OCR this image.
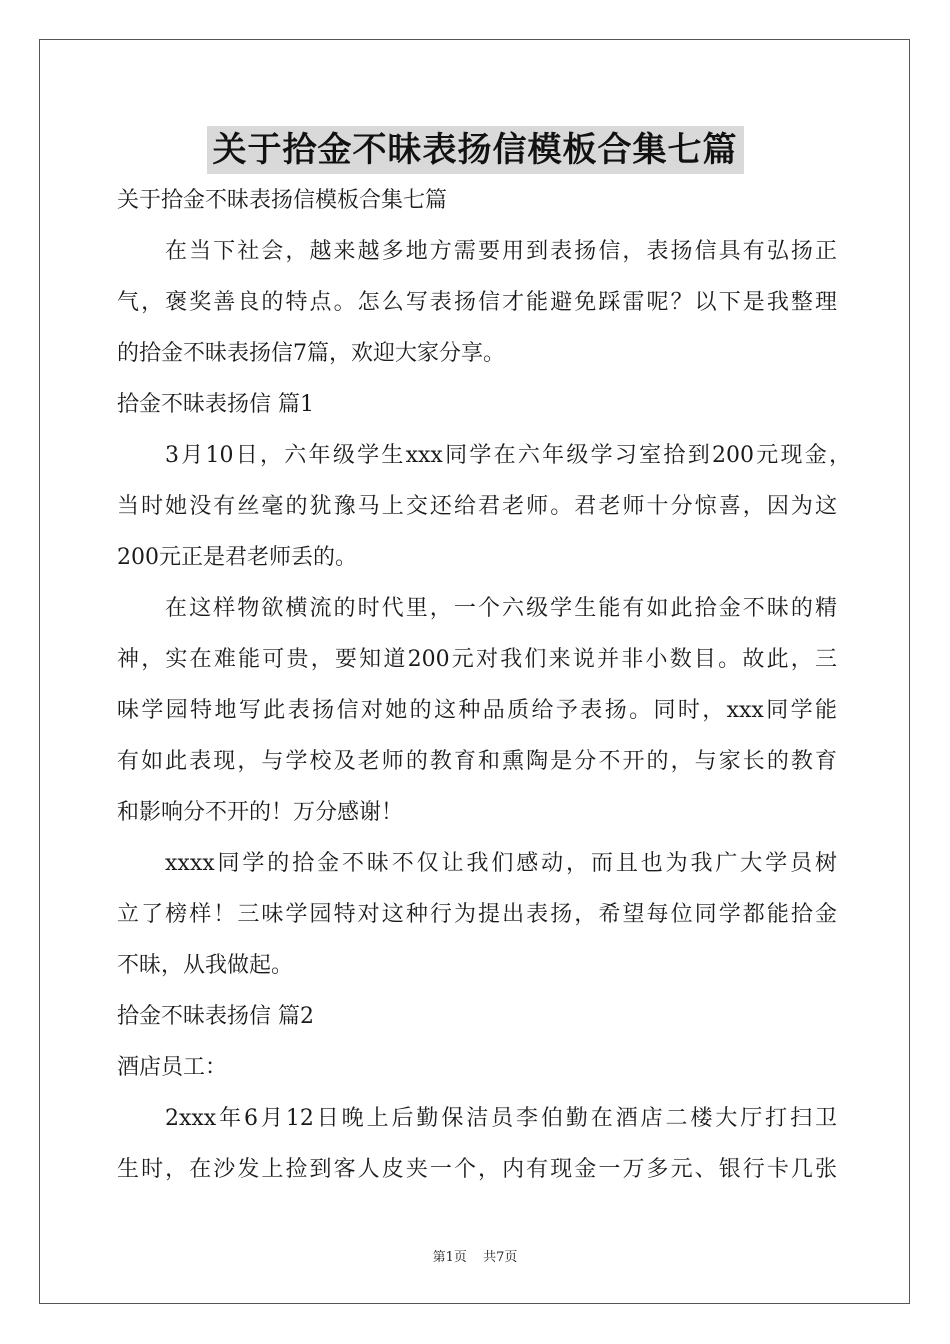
关于拾金不昧表扬信模板合集七篇
关于拾金不昧表扬信模板合集七篇
在当下社会，越来越多地方需要用到表扬信，表扬信具有弘扬正
气，褒奖善良的特点。怎么写表扬信才能避免踩雷呢？以下是我整理
的拾金不昧表扬信7篇，欢迎大家分享。
拾金不昧表扬信 篇1
3月10日，六年级学生xxx同学在六年级学习室拾到200元现金，
当时她没有丝毫的犹豫马上交还给君老师。君老师十分惊喜，因为这
200元正是君老师丢的。
在这样物欲横流的时代里，一个六级学生能有如此拾金不昧的精
神，实在难能可贵，要知道200元对我们来说并非小数目。故此，三
味学园特地写此表扬信对她的这种品质给予表扬。同时，xxx同学能
有如此表现，与学校及老师的教育和熏陶是分不开的，与家长的教育
和影响分不开的！万分感谢！
xxxx同学的拾金不昧不仅让我们感动，而且也为我广大学员树
立了榜样！三味学园特对这种行为提出表扬，希望每位同学都能拾金
不昧，从我做起。
拾金不昧表扬信 篇2
酒店员工：
2xxx年6月12日晚上后勤保洁员李伯勤在酒店二楼大厅打扫卫
生时，在沙发上捡到客人皮夹一个，内有现金一万多元、银行卡几张
第1页 共7页
